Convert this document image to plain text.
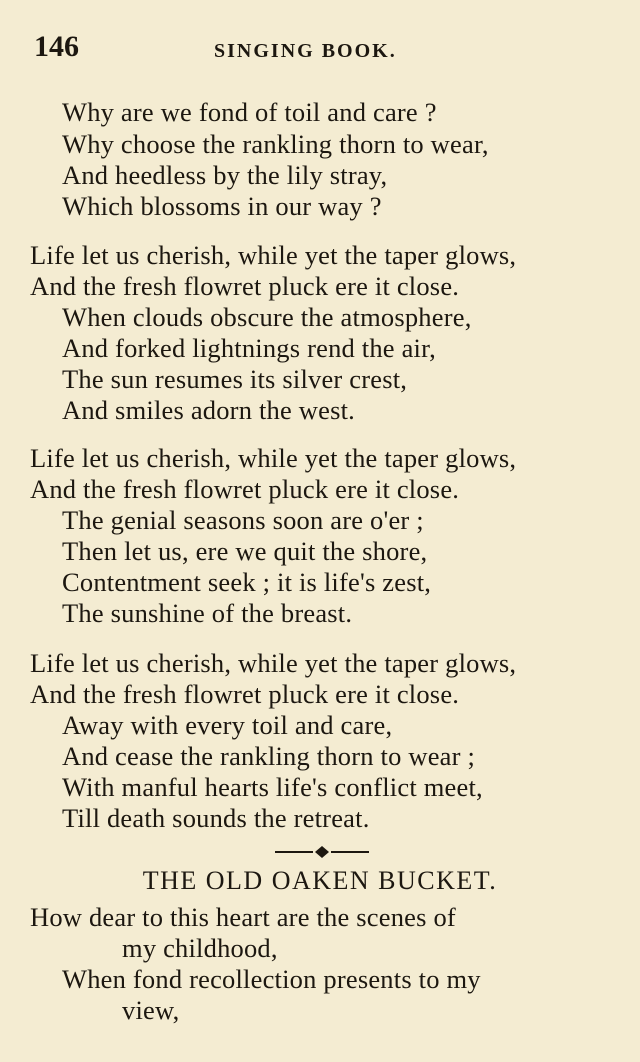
146	SINGING BOOK.
Why are we fond of toil and care ?
Why choose the rankling thorn to wear,
And heedless by the lily stray,
Which blossoms in our way ?
Life let us cherish, while yet the taper glows,
And the fresh flowret pluck ere it close.
When clouds obscure the atmosphere,
And forked lightnings rend the air,
The sun resumes its silver crest,
And smiles adorn the west.
Life let us cherish, while yet the taper glows,
And the fresh flowret pluck ere it close.
The genial seasons soon are o'er ;
Then let us, ere we quit the shore,
Contentment seek ; it is life's zest,
The sunshine of the breast.
Life let us cherish, while yet the taper glows,
And the fresh flowret pluck ere it close.
Away with every toil and care,
And cease the rankling thorn to wear ;
With manful hearts life's conflict meet,
Till death sounds the retreat.
THE OLD OAKEN BUCKET.
How dear to this heart are the scenes of
my childhood,
When fond recollection presents to my
view,
